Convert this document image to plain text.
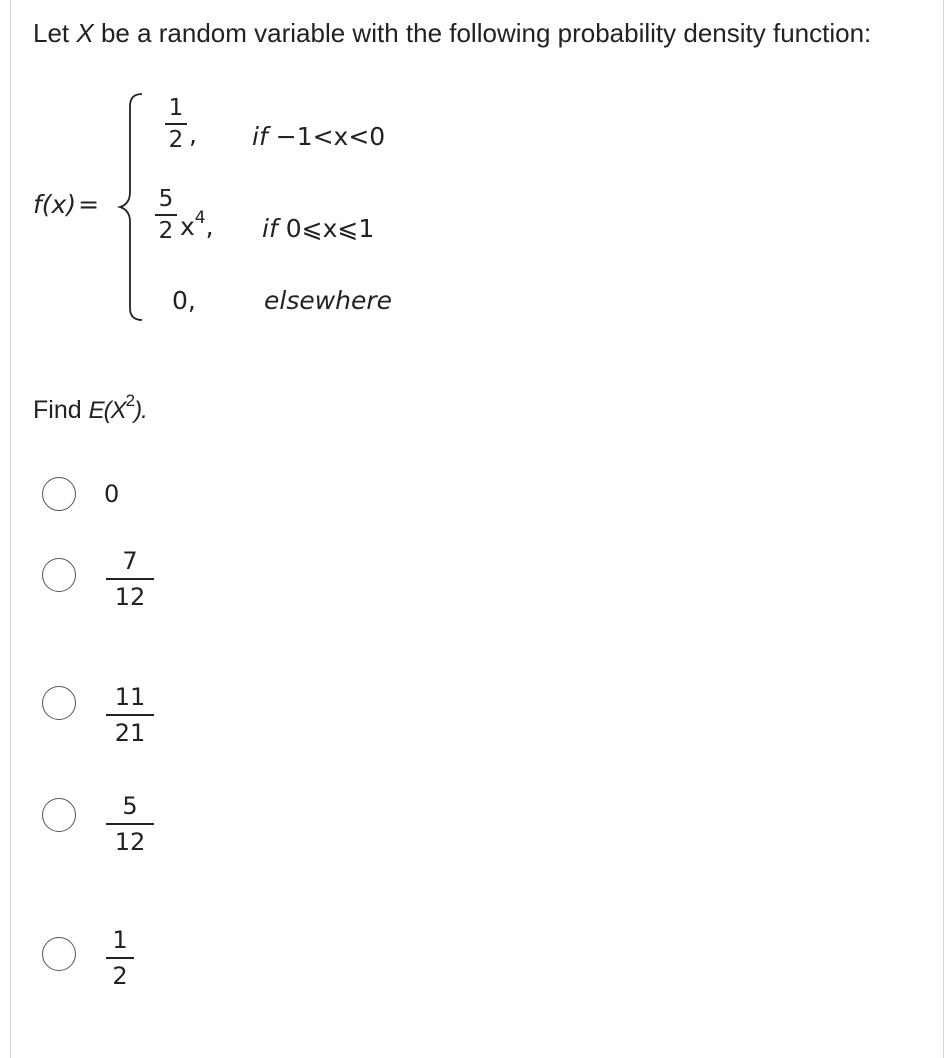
Let X be a random variable with the following probability density function:
f(x)=
1
2 , if −1<x<0
5
2 $x^4$, if 0⩽x⩽1
0,	elsewhere
Find $E(X^2)$.
0
7
12
11
21
5
12
1
2
